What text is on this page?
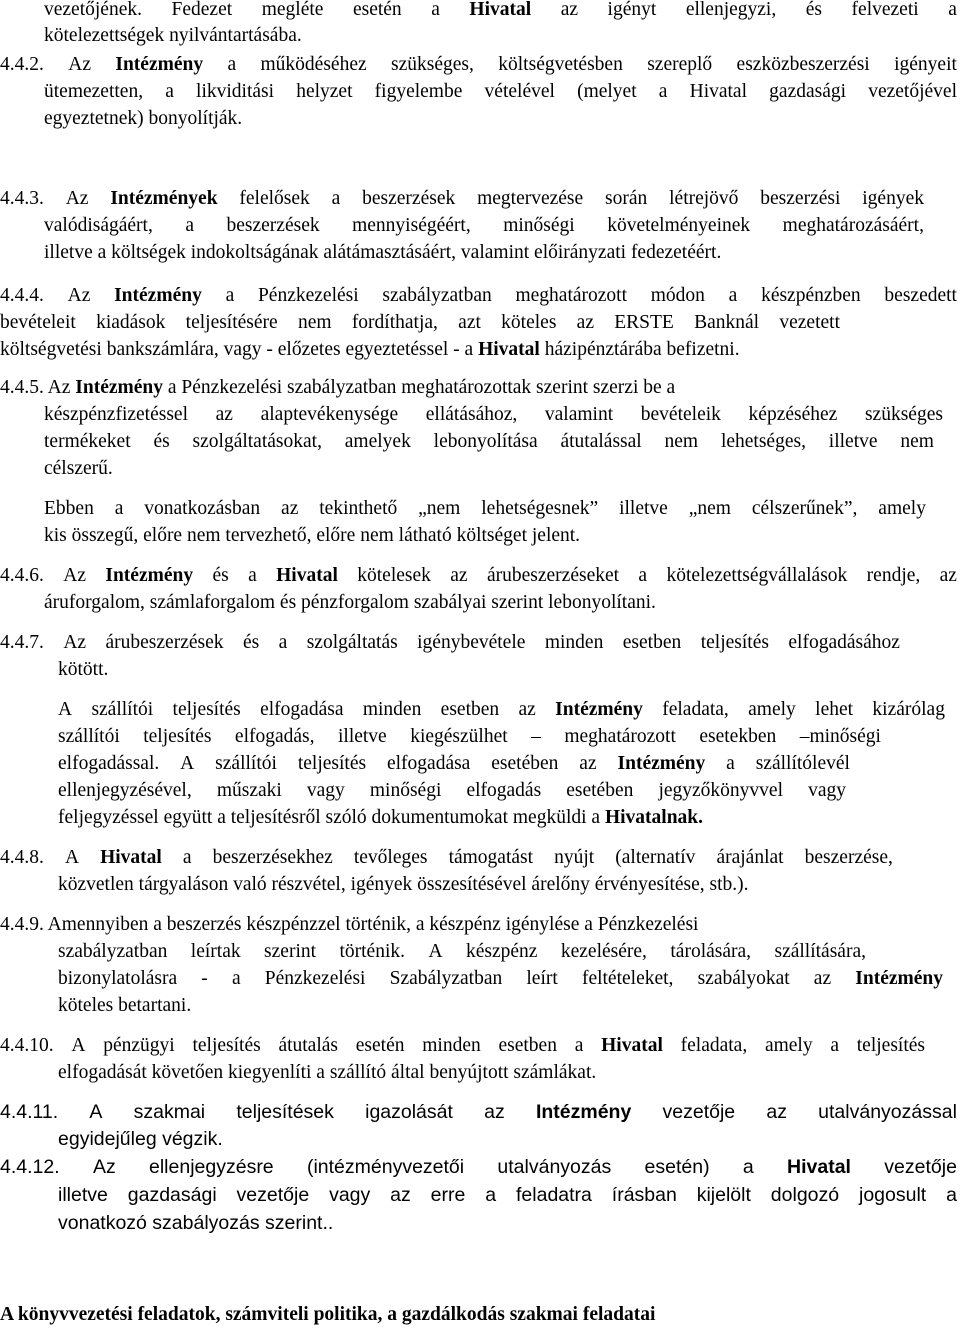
vezetőjének. Fedezet megléte esetén a Hivatal az igényt ellenjegyzi, és felvezeti a
kötelezettségek nyilvántartásába.
4.4.2. Az Intézmény a működéséhez szükséges, költségvetésben szereplő eszközbeszerzési igényeit
ütemezetten, a likviditási helyzet figyelembe vételével (melyet a Hivatal gazdasági vezetőjével
egyeztetnek) bonyolítják.
4.4.3. Az Intézmények felelősek a beszerzések megtervezése során létrejövő beszerzési igények
valódiságáért, a beszerzések mennyiségéért, minőségi követelményeinek meghatározásáért,
illetve a költségek indokoltságának alátámasztásáért, valamint előirányzati fedezetéért.
4.4.4. Az Intézmény a Pénzkezelési szabályzatban meghatározott módon a készpénzben beszedett
bevételeit kiadások teljesítésére nem fordíthatja, azt köteles az ERSTE Banknál vezetett
költségvetési bankszámlára, vagy - előzetes egyeztetéssel - a Hivatal házipénztárába befizetni.
4.4.5. Az Intézmény a Pénzkezelési szabályzatban meghatározottak szerint szerzi be a
készpénzfizetéssel az alaptevékenysége ellátásához, valamint bevételeik képzéséhez szükséges
termékeket és szolgáltatásokat, amelyek lebonyolítása átutalással nem lehetséges, illetve nem
célszerű.
Ebben a vonatkozásban az tekinthető „nem lehetségesnek” illetve „nem célszerűnek”, amely
kis összegű, előre nem tervezhető, előre nem látható költséget jelent.
4.4.6. Az Intézmény és a Hivatal kötelesek az árubeszerzéseket a kötelezettségvállalások rendje, az
áruforgalom, számlaforgalom és pénzforgalom szabályai szerint lebonyolítani.
4.4.7. Az árubeszerzések és a szolgáltatás igénybevétele minden esetben teljesítés elfogadásához
kötött.
A szállítói teljesítés elfogadása minden esetben az Intézmény feladata, amely lehet kizárólag
szállítói teljesítés elfogadás, illetve kiegészülhet – meghatározott esetekben –minőségi
elfogadással. A szállítói teljesítés elfogadása esetében az Intézmény a szállítólevél
ellenjegyzésével, műszaki vagy minőségi elfogadás esetében jegyzőkönyvvel vagy
feljegyzéssel együtt a teljesítésről szóló dokumentumokat megküldi a Hivatalnak.
4.4.8. A Hivatal a beszerzésekhez tevőleges támogatást nyújt (alternatív árajánlat beszerzése,
közvetlen tárgyaláson való részvétel, igények összesítésével árelőny érvényesítése, stb.).
4.4.9. Amennyiben a beszerzés készpénzzel történik, a készpénz igénylése a Pénzkezelési
szabályzatban leírtak szerint történik. A készpénz kezelésére, tárolására, szállítására,
bizonylatolásra - a Pénzkezelési Szabályzatban leírt feltételeket, szabályokat az Intézmény
köteles betartani.
4.4.10. A pénzügyi teljesítés átutalás esetén minden esetben a Hivatal feladata, amely a teljesítés
elfogadását követően kiegyenlíti a szállító által benyújtott számlákat.
4.4.11. A szakmai teljesítések igazolását az Intézmény vezetője az utalványozással
egyidejűleg végzik.
4.4.12. Az ellenjegyzésre (intézményvezetői utalványozás esetén) a Hivatal vezetője
illetve gazdasági vezetője vagy az erre a feladatra írásban kijelölt dolgozó jogosult a
vonatkozó szabályozás szerint..
A könyvvezetési feladatok, számviteli politika, a gazdálkodás szakmai feladatai
